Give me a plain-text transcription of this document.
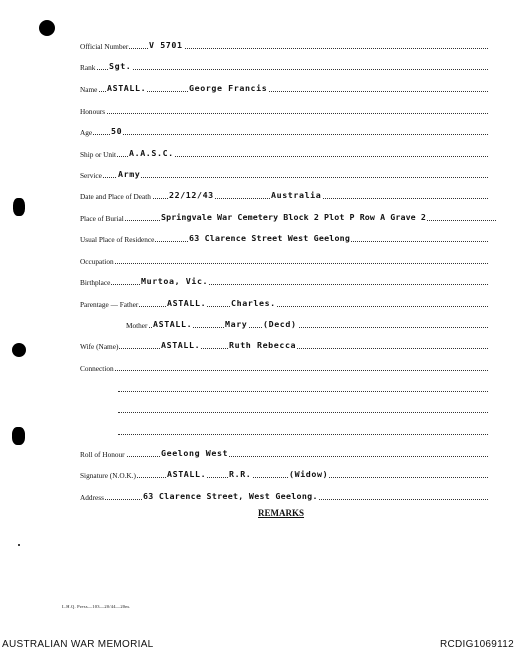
Official Number V 5701
Rank Sgt.
Name ASTALL.	George Francis
Honours
Age 50
Ship or Unit A.A.S.C.
Service Army
Date and Place of Death 22/12/43	Australia
Place of Burial	Springvale War Cemetery Block 2 Plot P Row A Grave 2
Usual Place of Residence	63 Clarence Street West Geelong
Occupation
Birthplace	Murtoa, Vic.
Parentage — Father	ASTALL.	Charles.
Mother ASTALL.	Mary (Decd)
Wife (Name)	ASTALL.	Ruth Rebecca
Connection
Roll of Honour	Geelong West
Signature (N.O.K.)	ASTALL.	R.R.	(Widow)
Address	63 Clarence Street, West Geelong.
REMARKS
L.H.Q. Press—103—20/44—20m.
AUSTRALIAN WAR MEMORIAL	RCDIG1069112
